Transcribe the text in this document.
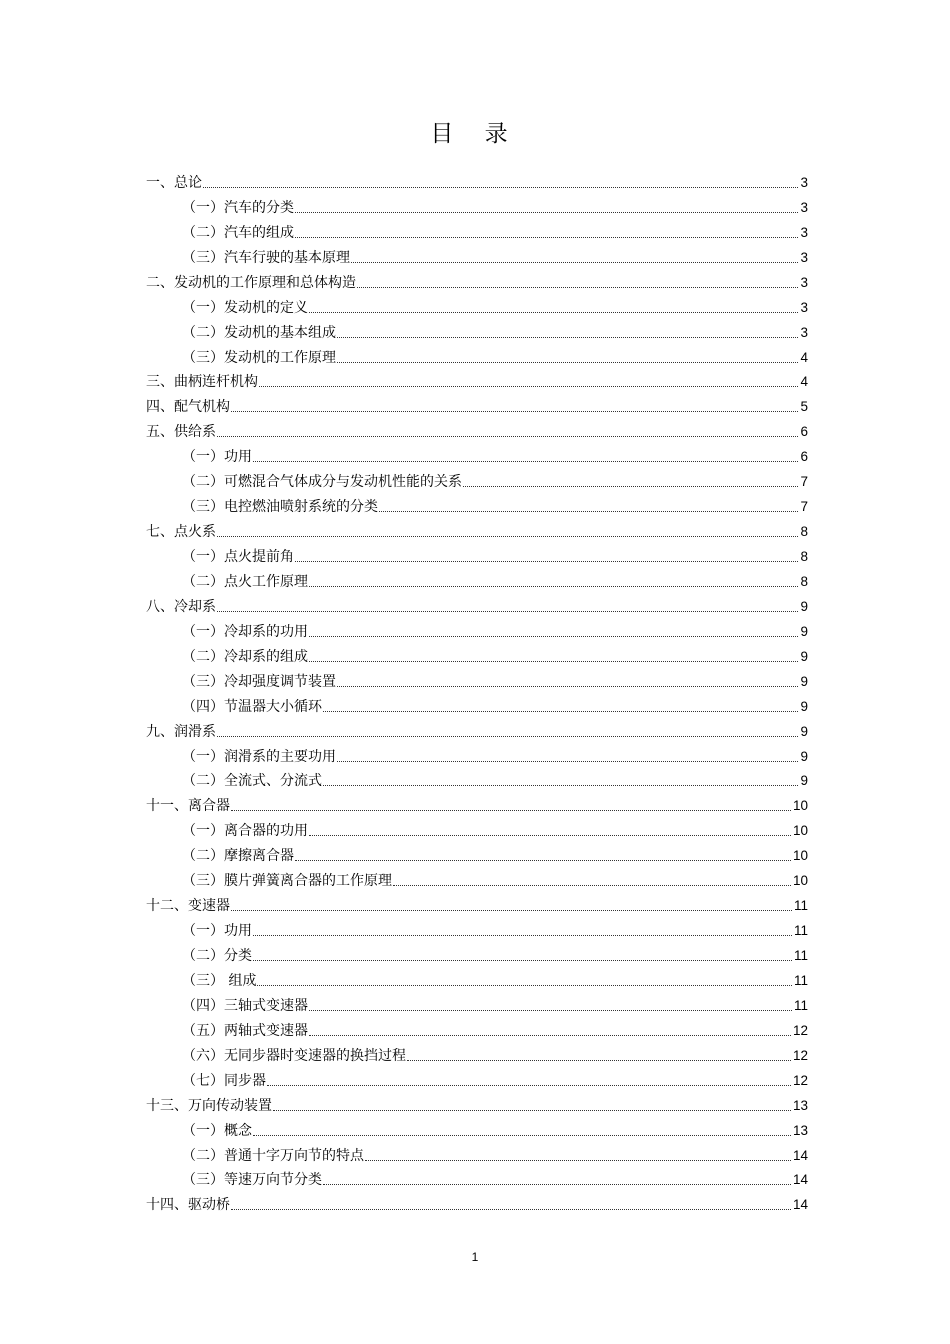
目 录
一、总论	3
（一）汽车的分类	3
（二）汽车的组成	3
（三）汽车行驶的基本原理	3
二、发动机的工作原理和总体构造	3
（一）发动机的定义	3
（二）发动机的基本组成	3
（三）发动机的工作原理	4
三、曲柄连杆机构	4
四、配气机构	5
五、供给系	6
（一）功用	6
（二）可燃混合气体成分与发动机性能的关系	7
（三）电控燃油喷射系统的分类	7
七、点火系	8
（一）点火提前角	8
（二）点火工作原理	8
八、冷却系	9
（一）冷却系的功用	9
（二）冷却系的组成	9
（三）冷却强度调节装置	9
（四）节温器大小循环	9
九、润滑系	9
（一）润滑系的主要功用	9
（二）全流式、分流式	9
十一、离合器	10
（一）离合器的功用	10
（二）摩擦离合器	10
（三）膜片弹簧离合器的工作原理	10
十二、变速器	11
（一）功用	11
（二）分类	11
（三） 组成	11
（四）三轴式变速器	11
（五）两轴式变速器	12
（六）无同步器时变速器的换挡过程	12
（七）同步器	12
十三、万向传动装置	13
（一）概念	13
（二）普通十字万向节的特点	14
（三）等速万向节分类	14
十四、驱动桥	14
1
